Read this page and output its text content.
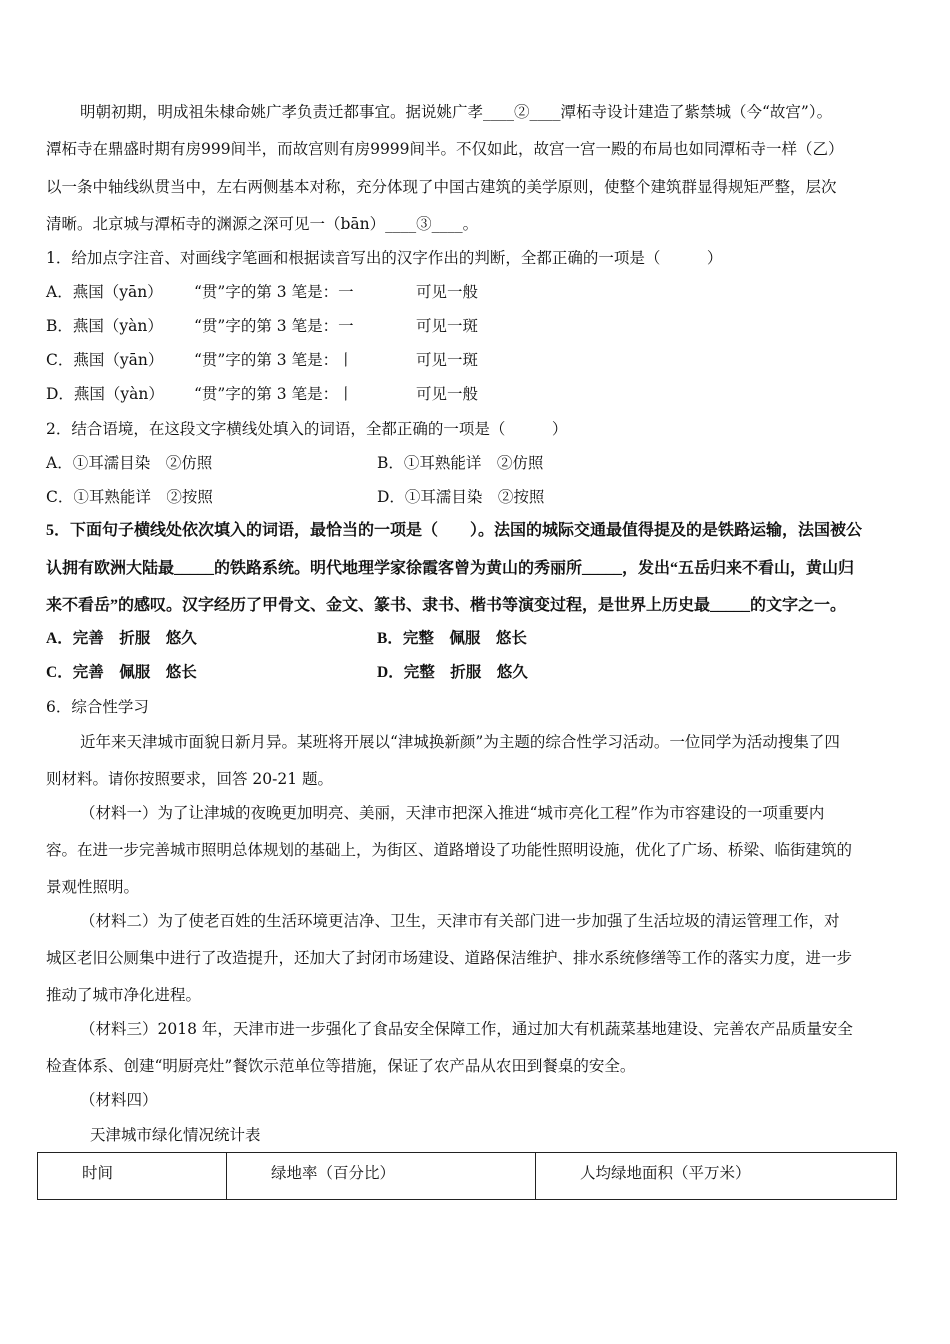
明朝初期，明成祖朱棣命姚广孝负责迁都事宜。据说姚广孝____②____潭柘寺设计建造了紫禁城（今“故宫”）。
潭柘寺在鼎盛时期有房999间半，而故宫则有房9999间半。不仅如此，故宫一宫一殿的布局也如同潭柘寺一样（乙）
以一条中轴线纵贯当中，左右两侧基本对称，充分体现了中国古建筑的美学原则，使整个建筑群显得规矩严整，层次
清晰。北京城与潭柘寺的渊源之深可见一（bān）____③____。
1．给加点字注音、对画线字笔画和根据读音写出的汉字作出的判断，全都正确的一项是（　　　）
A．燕国（yān） “贯”字的第 3 笔是：一	可见一般
B．燕国（yàn） “贯”字的第 3 笔是：一	可见一斑
C．燕国（yān） “贯”字的第 3 笔是：丨	可见一斑
D．燕国（yàn） “贯”字的第 3 笔是：丨	可见一般
2．结合语境，在这段文字横线处填入的词语，全都正确的一项是（　　　）
A．①耳濡目染　②仿照	B．①耳熟能详　②仿照
C．①耳熟能详　②按照	D．①耳濡目染　②按照
5．下面句子横线处依次填入的词语，最恰当的一项是（　　）。法国的城际交通最值得提及的是铁路运输，法国被公
认拥有欧洲大陆最_____的铁路系统。明代地理学家徐霞客曾为黄山的秀丽所_____，发出“五岳归来不看山，黄山归
来不看岳”的感叹。汉字经历了甲骨文、金文、篆书、隶书、楷书等演变过程，是世界上历史最_____的文字之一。
A．完善　折服　悠久	B．完整　佩服　悠长
C．完善　佩服　悠长	D．完整　折服　悠久
6．综合性学习
近年来天津城市面貌日新月异。某班将开展以“津城换新颜”为主题的综合性学习活动。一位同学为活动搜集了四
则材料。请你按照要求，回答 20-21 题。
（材料一）为了让津城的夜晚更加明亮、美丽，天津市把深入推进“城市亮化工程”作为市容建设的一项重要内
容。在进一步完善城市照明总体规划的基础上，为街区、道路增设了功能性照明设施，优化了广场、桥梁、临街建筑的
景观性照明。
（材料二）为了使老百姓的生活环境更洁净、卫生，天津市有关部门进一步加强了生活垃圾的清运管理工作，对
城区老旧公厕集中进行了改造提升，还加大了封闭市场建设、道路保洁维护、排水系统修缮等工作的落实力度，进一步
推动了城市净化进程。
（材料三）2018 年，天津市进一步强化了食品安全保障工作，通过加大有机蔬菜基地建设、完善农产品质量安全
检查体系、创建“明厨亮灶”餐饮示范单位等措施，保证了农产品从农田到餐桌的安全。
（材料四）
天津城市绿化情况统计表
时间	绿地率（百分比）	人均绿地面积（平万米）
